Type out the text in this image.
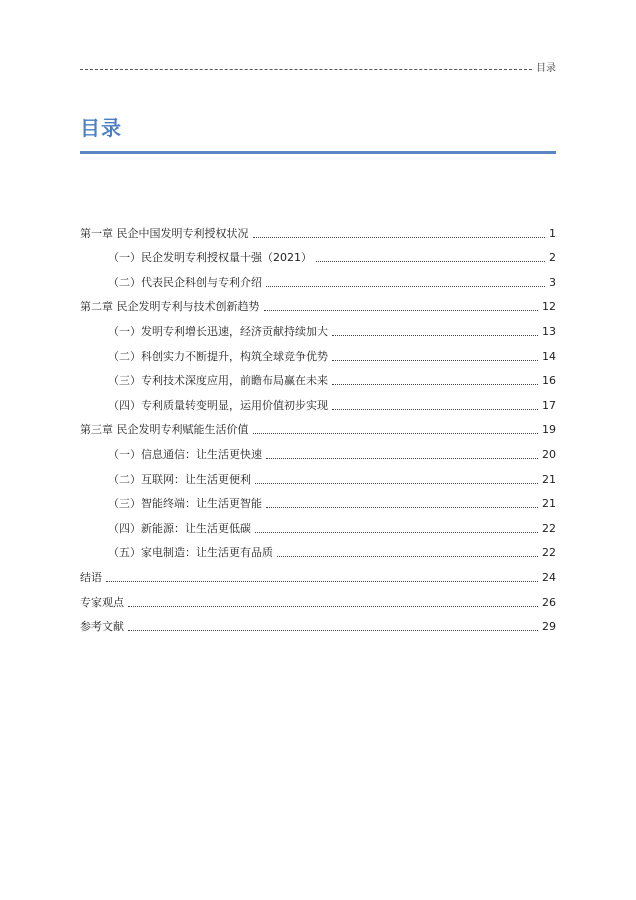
目录
目录
第一章 民企中国发明专利授权状况	1
（一）民企发明专利授权量十强（2021）	2
（二）代表民企科创与专利介绍	3
第二章 民企发明专利与技术创新趋势	12
（一）发明专利增长迅速，经济贡献持续加大	13
（二）科创实力不断提升，构筑全球竞争优势	14
（三）专利技术深度应用，前瞻布局赢在未来	16
（四）专利质量转变明显，运用价值初步实现	17
第三章 民企发明专利赋能生活价值	19
（一）信息通信：让生活更快速	20
（二）互联网：让生活更便利	21
（三）智能终端：让生活更智能	21
（四）新能源：让生活更低碳	22
（五）家电制造：让生活更有品质	22
结语	24
专家观点	26
参考文献	29
